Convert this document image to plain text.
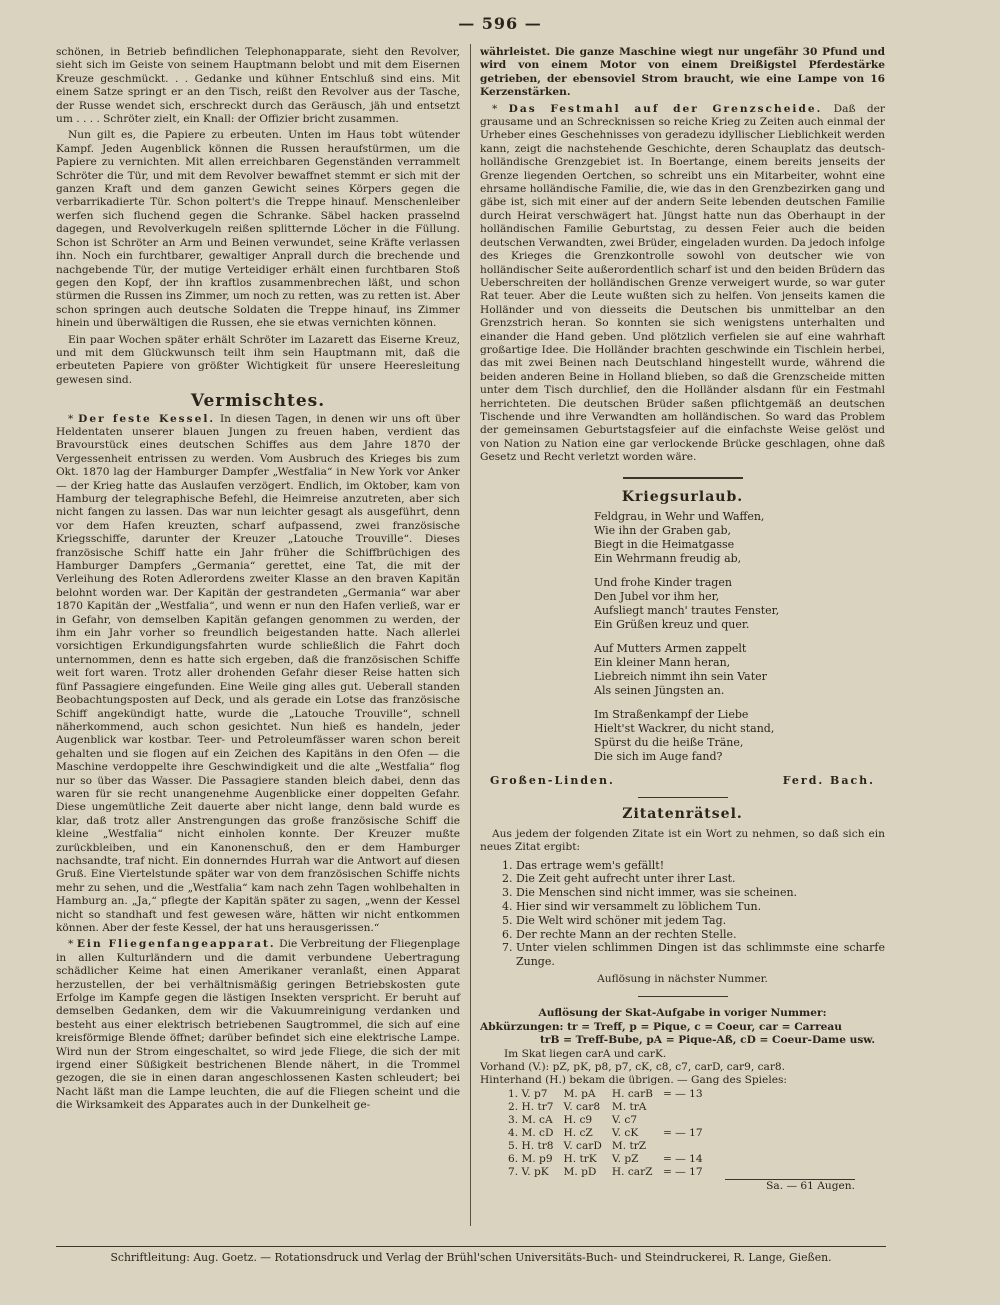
— 596 —

schönen, in Betrieb befindlichen Telephonapparate, sieht den Revolver, sieht sich im Geiste von seinem Hauptmann belobt und mit dem Eisernen Kreuze geschmückt. . . Gedanke und kühner Entschluß sind eins. Mit einem Satze springt er an den Tisch, reißt den Revolver aus der Tasche, der Russe wendet sich, erschreckt durch das Geräusch, jäh und entsetzt um . . . . Schröter zielt, ein Knall: der Offizier bricht zusammen.

Nun gilt es, die Papiere zu erbeuten. Unten im Haus tobt wütender Kampf. Jeden Augenblick können die Russen heraufstürmen, um die Papiere zu vernichten. Mit allen erreichbaren Gegenständen verrammelt Schröter die Tür, und mit dem Revolver bewaffnet stemmt er sich mit der ganzen Kraft und dem ganzen Gewicht seines Körpers gegen die verbarrikadierte Tür. Schon poltert's die Treppe hinauf. Menschenleiber werfen sich fluchend gegen die Schranke. Säbel hacken prasselnd dagegen, und Revolverkugeln reißen splitternde Löcher in die Füllung. Schon ist Schröter an Arm und Beinen verwundet, seine Kräfte verlassen ihn. Noch ein furchtbarer, gewaltiger Anprall durch die brechende und nachgebende Tür, der mutige Verteidiger erhält einen furchtbaren Stoß gegen den Kopf, der ihn kraftlos zusammenbrechen läßt, und schon stürmen die Russen ins Zimmer, um noch zu retten, was zu retten ist. Aber schon springen auch deutsche Soldaten die Treppe hinauf, ins Zimmer hinein und überwältigen die Russen, ehe sie etwas vernichten können.

Ein paar Wochen später erhält Schröter im Lazarett das Eiserne Kreuz, und mit dem Glückwunsch teilt ihm sein Hauptmann mit, daß die erbeuteten Papiere von größter Wichtigkeit für unsere Heeresleitung gewesen sind.

Vermischtes.

* Der feste Kessel. In diesen Tagen, in denen wir uns oft über Heldentaten unserer blauen Jungen zu freuen haben, verdient das Bravourstück eines deutschen Schiffes aus dem Jahre 1870 der Vergessenheit entrissen zu werden. Vom Ausbruch des Krieges bis zum Okt. 1870 lag der Hamburger Dampfer „Westfalia“ in New York vor Anker — der Krieg hatte das Auslaufen verzögert. Endlich, im Oktober, kam von Hamburg der telegraphische Befehl, die Heimreise anzutreten, aber sich nicht fangen zu lassen. Das war nun leichter gesagt als ausgeführt, denn vor dem Hafen kreuzten, scharf aufpassend, zwei französische Kriegsschiffe, darunter der Kreuzer „Latouche Trouville“. Dieses französische Schiff hatte ein Jahr früher die Schiffbrüchigen des Hamburger Dampfers „Germania“ gerettet, eine Tat, die mit der Verleihung des Roten Adlerordens zweiter Klasse an den braven Kapitän belohnt worden war. Der Kapitän der gestrandeten „Germania“ war aber 1870 Kapitän der „Westfalia“, und wenn er nun den Hafen verließ, war er in Gefahr, von demselben Kapitän gefangen genommen zu werden, der ihm ein Jahr vorher so freundlich beigestanden hatte. Nach allerlei vorsichtigen Erkundigungsfahrten wurde schließlich die Fahrt doch unternommen, denn es hatte sich ergeben, daß die französischen Schiffe weit fort waren. Trotz aller drohenden Gefahr dieser Reise hatten sich fünf Passagiere eingefunden. Eine Weile ging alles gut. Ueberall standen Beobachtungsposten auf Deck, und als gerade ein Lotse das französische Schiff angekündigt hatte, wurde die „Latouche Trouville“, schnell näherkommend, auch schon gesichtet. Nun hieß es handeln, jeder Augenblick war kostbar. Teer- und Petroleumfässer waren schon bereit gehalten und sie flogen auf ein Zeichen des Kapitäns in den Ofen — die Maschine verdoppelte ihre Geschwindigkeit und die alte „Westfalia“ flog nur so über das Wasser. Die Passagiere standen bleich dabei, denn das waren für sie recht unangenehme Augenblicke einer doppelten Gefahr. Diese ungemütliche Zeit dauerte aber nicht lange, denn bald wurde es klar, daß trotz aller Anstrengungen das große französische Schiff die kleine „Westfalia“ nicht einholen konnte. Der Kreuzer mußte zurückbleiben, und ein Kanonenschuß, den er dem Hamburger nachsandte, traf nicht. Ein donnerndes Hurrah war die Antwort auf diesen Gruß. Eine Viertelstunde später war von dem französischen Schiffe nichts mehr zu sehen, und die „Westfalia“ kam nach zehn Tagen wohlbehalten in Hamburg an. „Ja,“ pflegte der Kapitän später zu sagen, „wenn der Kessel nicht so standhaft und fest gewesen wäre, hätten wir nicht entkommen können. Aber der feste Kessel, der hat uns herausgerissen.“

* Ein Fliegenfangeapparat. Die Verbreitung der Fliegenplage in allen Kulturländern und die damit verbundene Uebertragung schädlicher Keime hat einen Amerikaner veranlaßt, einen Apparat herzustellen, der bei verhältnismäßig geringen Betriebskosten gute Erfolge im Kampfe gegen die lästigen Insekten verspricht. Er beruht auf demselben Gedanken, dem wir die Vakuumreinigung verdanken und besteht aus einer elektrisch betriebenen Saugtrommel, die sich auf eine kreisförmige Blende öffnet; darüber befindet sich eine elektrische Lampe. Wird nun der Strom eingeschaltet, so wird jede Fliege, die sich der mit irgend einer Süßigkeit bestrichenen Blende nähert, in die Trommel gezogen, die sie in einen daran angeschlossenen Kasten schleudert; bei Nacht läßt man die Lampe leuchten, die auf die Fliegen scheint und die die Wirksamkeit des Apparates auch in der Dunkelheit ge-

währleistet. Die ganze Maschine wiegt nur ungefähr 30 Pfund und wird von einem Motor von einem Dreißigstel Pferdestärke getrieben, der ebensoviel Strom braucht, wie eine Lampe von 16 Kerzenstärken.

* Das Festmahl auf der Grenzscheide. Daß der grausame und an Schrecknissen so reiche Krieg zu Zeiten auch einmal der Urheber eines Geschehnisses von geradezu idyllischer Lieblichkeit werden kann, zeigt die nachstehende Geschichte, deren Schauplatz das deutsch-holländische Grenzgebiet ist. In Boertange, einem bereits jenseits der Grenze liegenden Oertchen, so schreibt uns ein Mitarbeiter, wohnt eine ehrsame holländische Familie, die, wie das in den Grenzbezirken gang und gäbe ist, sich mit einer auf der andern Seite lebenden deutschen Familie durch Heirat verschwägert hat. Jüngst hatte nun das Oberhaupt in der holländischen Familie Geburtstag, zu dessen Feier auch die beiden deutschen Verwandten, zwei Brüder, eingeladen wurden. Da jedoch infolge des Krieges die Grenzkontrolle sowohl von deutscher wie von holländischer Seite außerordentlich scharf ist und den beiden Brüdern das Ueberschreiten der holländischen Grenze verweigert wurde, so war guter Rat teuer. Aber die Leute wußten sich zu helfen. Von jenseits kamen die Holländer und von diesseits die Deutschen bis unmittelbar an den Grenzstrich heran. So konnten sie sich wenigstens unterhalten und einander die Hand geben. Und plötzlich verfielen sie auf eine wahrhaft großartige Idee. Die Holländer brachten geschwinde ein Tischlein herbei, das mit zwei Beinen nach Deutschland hingestellt wurde, während die beiden anderen Beine in Holland blieben, so daß die Grenzscheide mitten unter dem Tisch durchlief, den die Holländer alsdann für ein Festmahl herrichteten. Die deutschen Brüder saßen pflichtgemäß an deutschen Tischende und ihre Verwandten am holländischen. So ward das Problem der gemeinsamen Geburtstagsfeier auf die einfachste Weise gelöst und von Nation zu Nation eine gar verlockende Brücke geschlagen, ohne daß Gesetz und Recht verletzt worden wäre.

Kriegsurlaub.
Feldgrau, in Wehr und Waffen,
Wie ihn der Graben gab,
Biegt in die Heimatgasse
Ein Wehrmann freudig ab,
Und frohe Kinder tragen
Den Jubel vor ihm her,
Aufsliegt manch' trautes Fenster,
Ein Grüßen kreuz und quer.
Auf Mutters Armen zappelt
Ein kleiner Mann heran,
Liebreich nimmt ihn sein Vater
Als seinen Jüngsten an.
Im Straßenkampf der Liebe
Hielt'st Wackrer, du nicht stand,
Spürst du die heiße Träne,
Die sich im Auge fand?
Großen-Linden.	Ferd. Bach.
Zitatenrätsel.

Aus jedem der folgenden Zitate ist ein Wort zu nehmen, so daß sich ein neues Zitat ergibt:

1. Das ertrage wem's gefällt!
2. Die Zeit geht aufrecht unter ihrer Last.
3. Die Menschen sind nicht immer, was sie scheinen.
4. Hier sind wir versammelt zu löblichem Tun.
5. Die Welt wird schöner mit jedem Tag.
6. Der rechte Mann an der rechten Stelle.
7. Unter vielen schlimmen Dingen ist das schlimmste eine scharfe Zunge.
Auflösung in nächster Nummer.
Auflösung der Skat-Aufgabe in voriger Nummer:
Abkürzungen: tr = Treff, p = Pique, c = Coeur, car = Carreau
trB = Treff-Bube, pA = Pique-Aß, cD = Coeur-Dame usw.
Im Skat liegen carA und carK.
Vorhand (V.): pZ, pK, p8, p7, cK, c8, c7, carD, car9, car8.
Hinterhand (H.) bekam die übrigen. — Gang des Spieles:
1. V. p7	M. pA	H. carB	= — 13
2. H. tr7	V. car8	M. trA	
3. M. cA	H. c9	V. c7	
4. M. cD	H. cZ	V. cK	= — 17
5. H. tr8	V. carD	M. trZ	
6. M. p9	H. trK	V. pZ	= — 14
7. V. pK	M. pD	H. carZ	= — 17
Sa. — 61 Augen.
Schriftleitung: Aug. Goetz. — Rotationsdruck und Verlag der Brühl'schen Universitäts-Buch- und Steindruckerei, R. Lange, Gießen.
